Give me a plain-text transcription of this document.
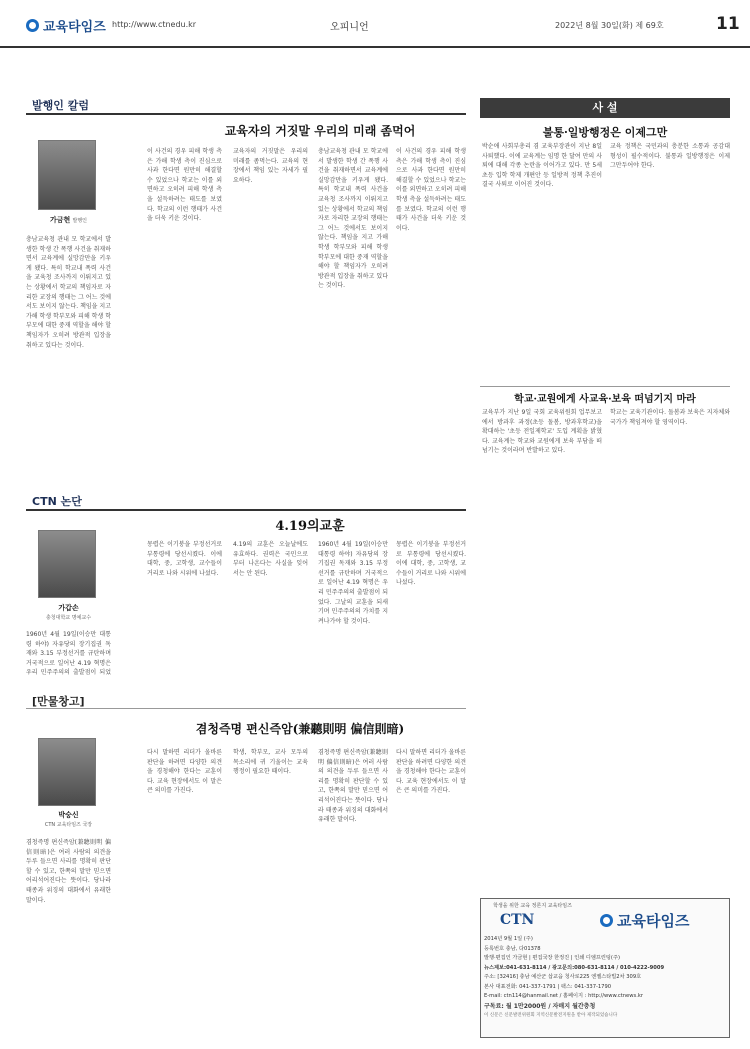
교육타임즈 http://www.ctnedu.kr	오피니언	2022년 8월 30일(화) 제 69호	11
발행인 칼럼
교육자의 거짓말 우리의 미래 좀먹어
가금현 발행인
충남교육청 관내 모 학교에서 발생한 학생 간 폭행 사건을 취재하면서 교육계에 실망감만을 키우게 됐다. 특히 학교내 폭력 사건을 교육청 조사까지 이뤄지고 있는 상황에서 학교의 책임자로 자리한 교장의 행태는 그 어느 것에서도 보이지 않는다. 책임을 지고 가해 학생 학부모와 피해 학생 학부모에 대한 중재 역할을 해야 할 책임자가 오히려 방관적 입장을 취하고 있다는 것이다.
이 사건의 경우 피해 학생 측은 가해 학생 측이 진심으로 사과 한다면 원만히 해결할 수 있었으나 학교는 이를 외면하고 오히려 피해 학생 측을 설득하려는 태도를 보였다. 학교의 이런 행태가 사건을 더욱 키운 것이다.
교육자의 거짓말은 우리의 미래를 좀먹는다. 교육의 현장에서 책임 있는 자세가 필요하다.
충남교육청 관내 모 학교에서 발생한 학생 간 폭행 사건을 취재하면서 교육계에 실망감만을 키우게 됐다. 특히 학교내 폭력 사건을 교육청 조사까지 이뤄지고 있는 상황에서 학교의 책임자로 자리한 교장의 행태는 그 어느 것에서도 보이지 않는다. 책임을 지고 가해 학생 학부모와 피해 학생 학부모에 대한 중재 역할을 해야 할 책임자가 오히려 방관적 입장을 취하고 있다는 것이다.
이 사건의 경우 피해 학생 측은 가해 학생 측이 진심으로 사과 한다면 원만히 해결할 수 있었으나 학교는 이를 외면하고 오히려 피해 학생 측을 설득하려는 태도를 보였다. 학교의 이런 행태가 사건을 더욱 키운 것이다.
CTN 논단
4.19의교훈
가갑손
충청대학교 명예교수
1960년 4월 19일(이승만 대통령 하야) 자유당의 장기집권 독재와 3.15 부정선거를 규탄하며 거국적으로 일어난 4.19 혁명은 우리 민주주의의 출발점이 되었
몽렵은 이기붕을 부정선거로 부통령에 당선시켰다. 이에 대학, 중, 고학생, 교수들이 거리로 나와 시위에 나섰다.
4.19의 교훈은 오늘날에도 유효하다. 권력은 국민으로부터 나온다는 사실을 잊어서는 안 된다.
1960년 4월 19일(이승만 대통령 하야) 자유당의 장기집권 독재와 3.15 부정선거를 규탄하며 거국적으로 일어난 4.19 혁명은 우리 민주주의의 출발점이 되었다. 그날의 교훈을 되새기며 민주주의의 가치를 지켜나가야 할 것이다.
몽렵은 이기붕을 부정선거로 부통령에 당선시켰다. 이에 대학, 중, 고학생, 교수들이 거리로 나와 시위에 나섰다.
[만물창고]
겸청즉명 편신즉암(兼聽則明 偏信則暗)
박숭신
CTN 교육타임즈 국장
겸청즉명 편신즉암(兼聽則明 偏信則暗)은 여러 사람의 의견을 두루 들으면 사리를 명확히 판단할 수 있고, 한쪽의 말만 믿으면 어리석어진다는 뜻이다. 당나라 태종과 위징의 대화에서 유래한 말이다.
다시 말하면 리더가 올바른 판단을 하려면 다양한 의견을 경청해야 한다는 교훈이다. 교육 현장에서도 이 말은 큰 의미를 가진다.
학생, 학부모, 교사 모두의 목소리에 귀 기울이는 교육 행정이 필요한 때이다.
겸청즉명 편신즉암(兼聽則明 偏信則暗)은 여러 사람의 의견을 두루 들으면 사리를 명확히 판단할 수 있고, 한쪽의 말만 믿으면 어리석어진다는 뜻이다. 당나라 태종과 위징의 대화에서 유래한 말이다.
다시 말하면 리더가 올바른 판단을 하려면 다양한 의견을 경청해야 한다는 교훈이다. 교육 현장에서도 이 말은 큰 의미를 가진다.
사 설
불통·일방행정은 이제그만
박순애 사회부총리 겸 교육부장관이 지난 8일 사퇴했다. 이에 교육계는 임명 한 달여 만의 사퇴에 대해 각종 논란을 이어가고 있다. 만 5세 초등 입학 학제 개편안 등 일방적 정책 추진이 결국 사퇴로 이어진 것이다.
교육 정책은 국민과의 충분한 소통과 공감대 형성이 필수적이다. 불통과 일방행정은 이제 그만두어야 한다.
학교·교원에게 사교육·보육 떠넘기지 마라
교육부가 지난 9일 국회 교육위원회 업무보고에서 방과후 과정(초등 돌봄, 방과후학교)을 확대하는 '초등 전일제학교' 도입 계획을 밝혔다. 교육계는 학교와 교원에게 보육 부담을 떠넘기는 것이라며 반발하고 있다.
학교는 교육기관이다. 돌봄과 보육은 지자체와 국가가 책임져야 할 영역이다.
학생을 위한 교육 정론지 교육타임즈
CTN	교육타임즈
2014년 9월 1일 (주)
등록번호 충남, 다01378
발행·편집인 가금현 | 편집국장 한정진 | 인쇄 디엠프린팅(주)
뉴스제보:041-631-8114 / 광고문의:080-631-8114 / 010-4222-9009
주소: [32416] 충남 예산군 삽교읍 청사로225 엔젤스타빌2차 309호
본사 대표전화: 041-337-1791 | 팩스: 041-337-1790
E-mail: ctn114@hanmail.net / 홈페이지 : http://www.ctnews.kr
구독료: 월 1만2000원 / 자매지 월간충청
이 신문은 신문발전위원회 지역신문발전지원을 받아 제작되었습니다
